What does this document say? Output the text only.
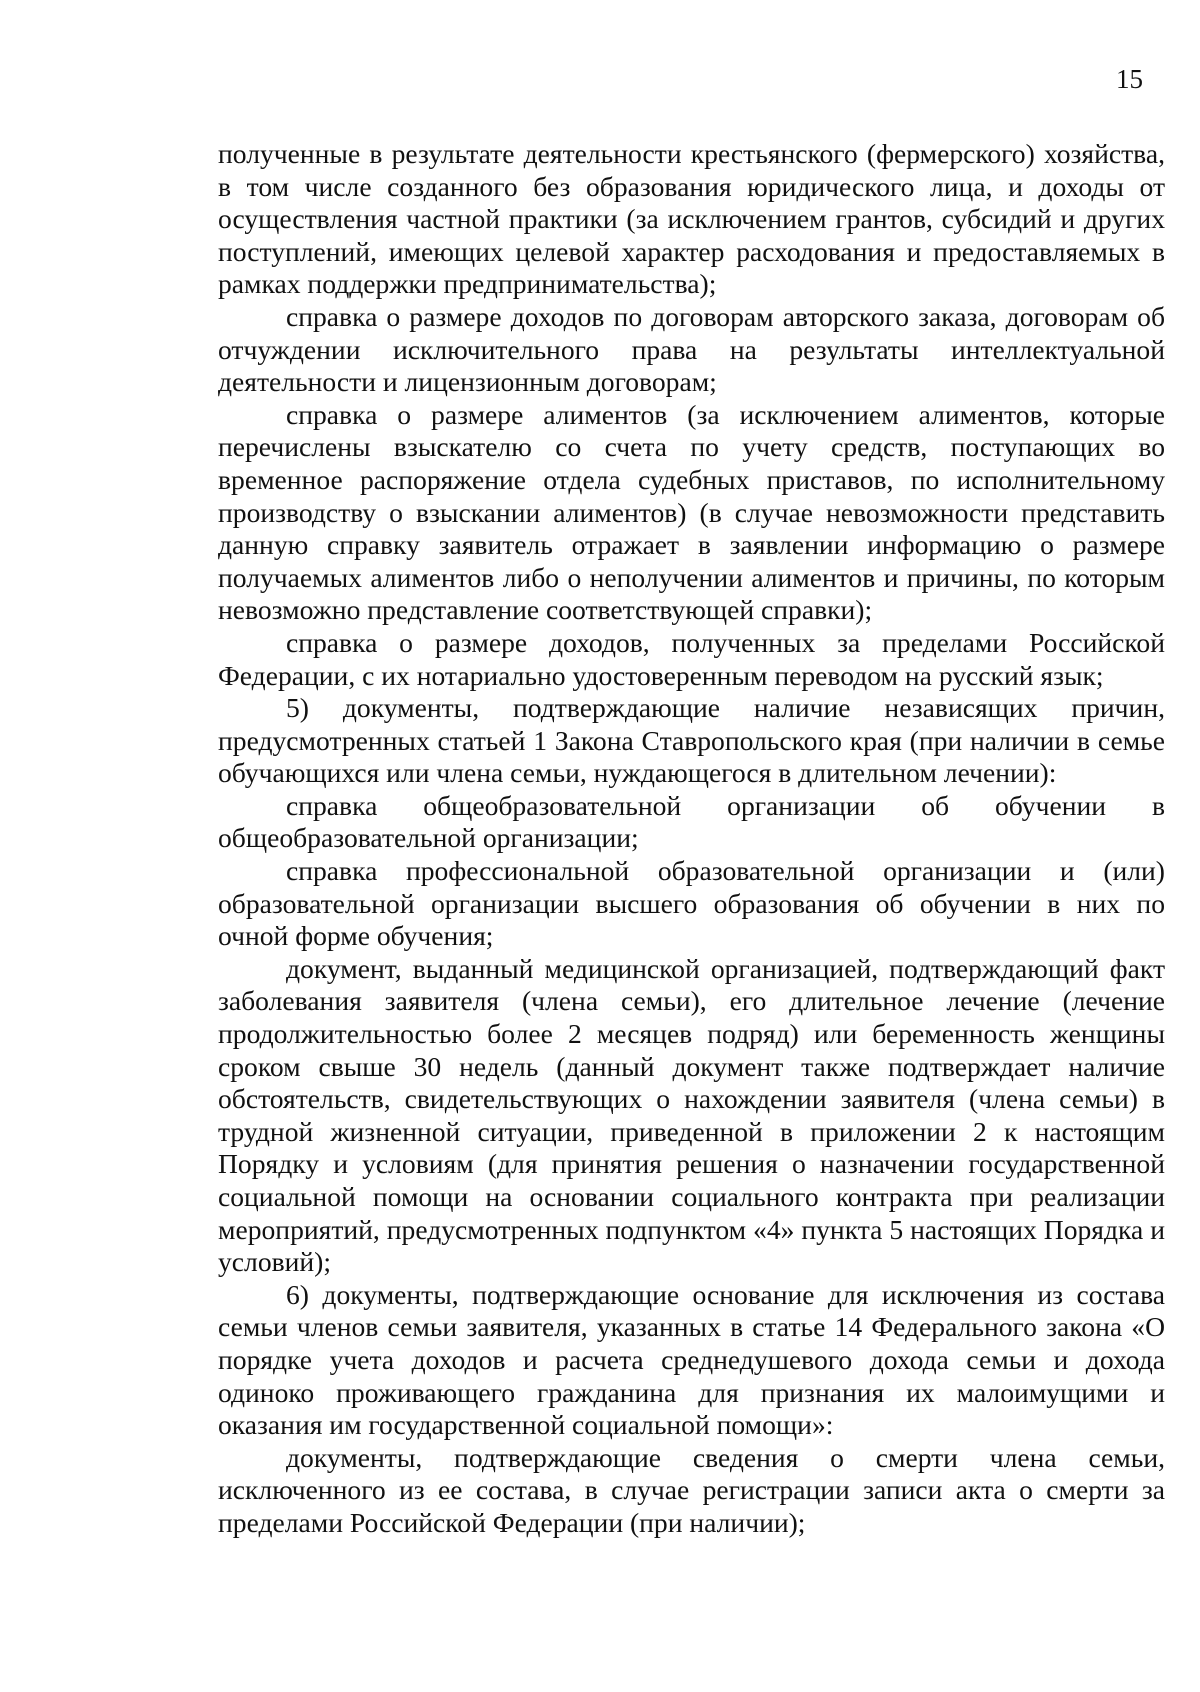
15

полученные в результате деятельности крестьянского (фермерского) хозяйства, в том числе созданного без образования юридического лица, и доходы от осуществления частной практики (за исключением грантов, субсидий и других поступлений, имеющих целевой характер расходования и предоставляемых в рамках поддержки предпринимательства);

справка о размере доходов по договорам авторского заказа, договорам об отчуждении исключительного права на результаты интеллектуальной деятельности и лицензионным договорам;

справка о размере алиментов (за исключением алиментов, которые перечислены взыскателю со счета по учету средств, поступающих во временное распоряжение отдела судебных приставов, по исполнительному производству о взыскании алиментов) (в случае невозможности представить данную справку заявитель отражает в заявлении информацию о размере получаемых алиментов либо о неполучении алиментов и причины, по которым невозможно представление соответствующей справки);

справка о размере доходов, полученных за пределами Российской Федерации, с их нотариально удостоверенным переводом на русский язык;

5) документы, подтверждающие наличие независящих причин, предусмотренных статьей 1 Закона Ставропольского края (при наличии в семье обучающихся или члена семьи, нуждающегося в длительном лечении):

справка общеобразовательной организации об обучении в общеобразовательной организации;

справка профессиональной образовательной организации и (или) образовательной организации высшего образования об обучении в них по очной форме обучения;

документ, выданный медицинской организацией, подтверждающий факт заболевания заявителя (члена семьи), его длительное лечение (лечение продолжительностью более 2 месяцев подряд) или беременность женщины сроком свыше 30 недель (данный документ также подтверждает наличие обстоятельств, свидетельствующих о нахождении заявителя (члена семьи) в трудной жизненной ситуации, приведенной в приложении 2 к настоящим Порядку и условиям (для принятия решения о назначении государственной социальной помощи на основании социального контракта при реализации мероприятий, предусмотренных подпунктом «4» пункта 5 настоящих Порядка и условий);

6) документы, подтверждающие основание для исключения из состава семьи членов семьи заявителя, указанных в статье 14 Федерального закона «О порядке учета доходов и расчета среднедушевого дохода семьи и дохода одиноко проживающего гражданина для признания их малоимущими и оказания им государственной социальной помощи»:

документы, подтверждающие сведения о смерти члена семьи, исключенного из ее состава, в случае регистрации записи акта о смерти за пределами Российской Федерации (при наличии);
